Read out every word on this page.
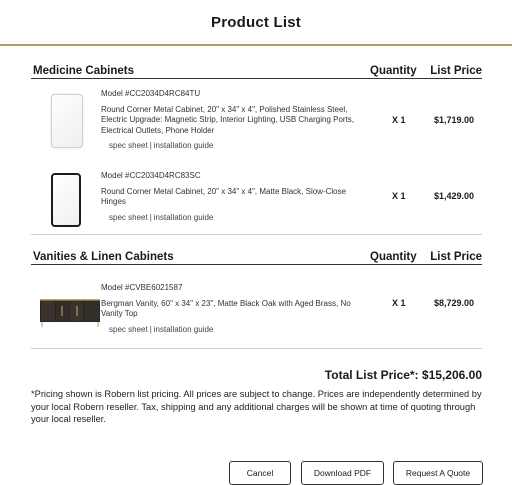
Product List
Medicine Cabinets	Quantity	List Price
Model #CC2034D4RC84TU
Round Corner Metal Cabinet, 20" x 34" x 4", Polished Stainless Steel, Electric Upgrade: Magnetic Strip, Interior Lighting, USB Charging Ports, Electrical Outlets, Phone Holder
spec sheet | installation guide
X 1	$1,719.00
Model #CC2034D4RC83SC
Round Corner Metal Cabinet, 20" x 34" x 4", Matte Black, Slow-Close Hinges
spec sheet | installation guide
X 1	$1,429.00
Vanities & Linen Cabinets	Quantity	List Price
Model #CVBE6021587
Bergman Vanity, 60" x 34" x 23", Matte Black Oak with Aged Brass, No Vanity Top
spec sheet | installation guide
X 1	$8,729.00
Total List Price*: $15,206.00
*Pricing shown is Robern list pricing. All prices are subject to change. Prices are independently determined by your local Robern reseller. Tax, shipping and any additional charges will be shown at time of quoting through your local reseller.
Cancel	Download PDF	Request A Quote
